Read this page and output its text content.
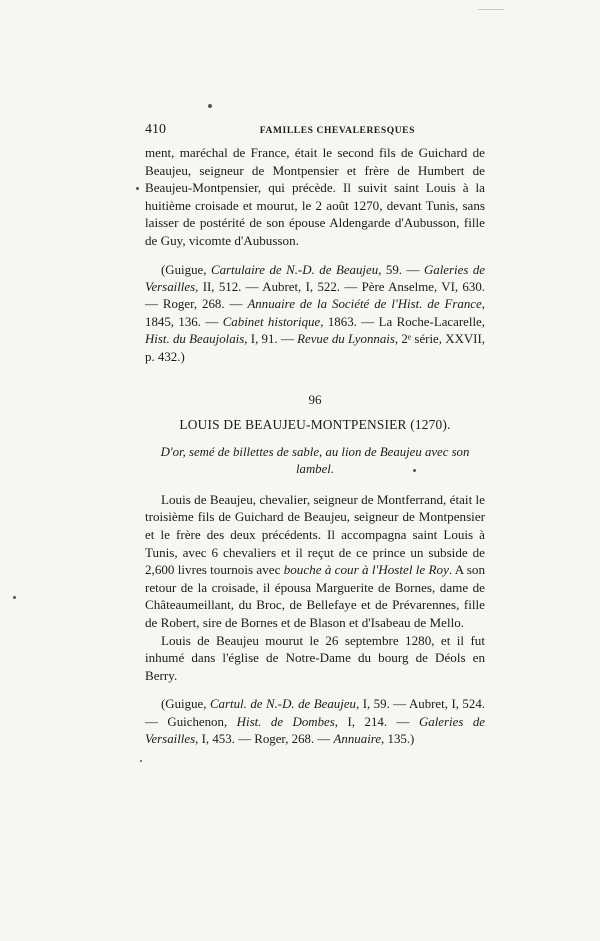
410	FAMILLES CHEVALERESQUES

ment, maréchal de France, était le second fils de Guichard de Beaujeu, seigneur de Montpensier et frère de Humbert de Beaujeu-Montpensier, qui précède. Il suivit saint Louis à la huitième croisade et mourut, le 2 août 1270, devant Tunis, sans laisser de postérité de son épouse Aldengarde d'Aubusson, fille de Guy, vicomte d'Aubusson.

(Guigue, Cartulaire de N.-D. de Beaujeu, 59. — Galeries de Versailles, II, 512. — Aubret, I, 522. — Père Anselme, VI, 630. — Roger, 268. — Annuaire de la Société de l'Hist. de France, 1845, 136. — Cabinet historique, 1863. — La Roche-Lacarelle, Hist. du Beaujolais, I, 91. — Revue du Lyonnais, 2ᵉ série, XXVII, p. 432.)

96
LOUIS DE BEAUJEU-MONTPENSIER (1270).
D'or, semé de billettes de sable, au lion de Beaujeu avec son lambel.

Louis de Beaujeu, chevalier, seigneur de Montferrand, était le troisième fils de Guichard de Beaujeu, seigneur de Montpensier et le frère des deux précédents. Il accompagna saint Louis à Tunis, avec 6 chevaliers et il reçut de ce prince un subside de 2,600 livres tournois avec bouche à cour à l'Hostel le Roy. A son retour de la croisade, il épousa Marguerite de Bornes, dame de Châteaumeillant, du Broc, de Bellefaye et de Prévarennes, fille de Robert, sire de Bornes et de Blason et d'Isabeau de Mello.

Louis de Beaujeu mourut le 26 septembre 1280, et il fut inhumé dans l'église de Notre-Dame du bourg de Déols en Berry.

(Guigue, Cartul. de N.-D. de Beaujeu, I, 59. — Aubret, I, 524. — Guichenon, Hist. de Dombes, I, 214. — Galeries de Versailles, I, 453. — Roger, 268. — Annuaire, 135.)
